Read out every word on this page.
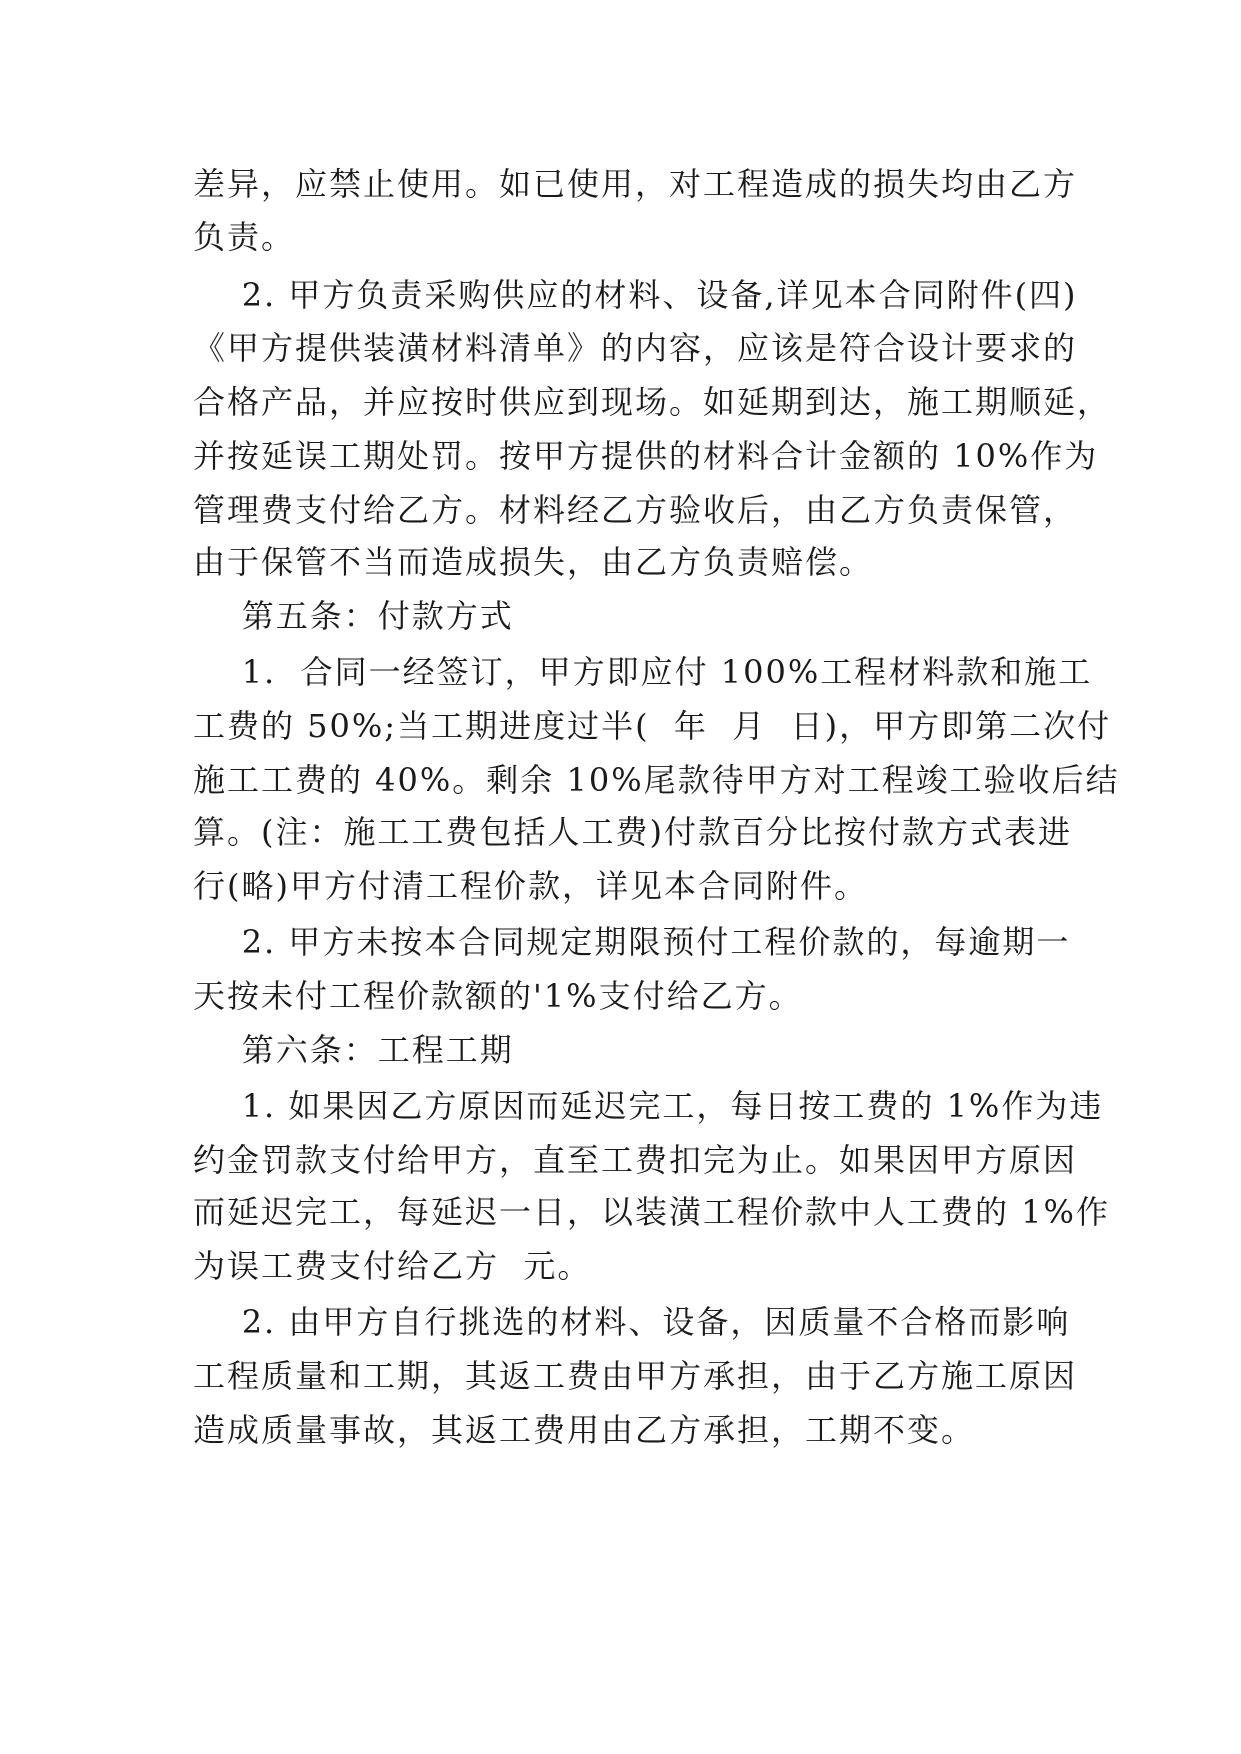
差异，应禁止使用。如已使用，对工程造成的损失均由乙方
负责。
2. 甲方负责采购供应的材料、设备,详见本合同附件(四)
《甲方提供装潢材料清单》的内容，应该是符合设计要求的
合格产品，并应按时供应到现场。如延期到达，施工期顺延，
并按延误工期处罚。按甲方提供的材料合计金额的 10%作为
管理费支付给乙方。材料经乙方验收后，由乙方负责保管，
由于保管不当而造成损失，由乙方负责赔偿。
第五条：付款方式
1.  合同一经签订，甲方即应付 100%工程材料款和施工
工费的 50%;当工期进度过半(  年  月  日)，甲方即第二次付
施工工费的 40%。剩余 10%尾款待甲方对工程竣工验收后结
算。(注：施工工费包括人工费)付款百分比按付款方式表进
行(略)甲方付清工程价款，详见本合同附件。
2. 甲方未按本合同规定期限预付工程价款的，每逾期一
天按未付工程价款额的'1%支付给乙方。
第六条：工程工期
1. 如果因乙方原因而延迟完工，每日按工费的 1%作为违
约金罚款支付给甲方，直至工费扣完为止。如果因甲方原因
而延迟完工，每延迟一日，以装潢工程价款中人工费的 1%作
为误工费支付给乙方  元。
2. 由甲方自行挑选的材料、设备，因质量不合格而影响
工程质量和工期，其返工费由甲方承担，由于乙方施工原因
造成质量事故，其返工费用由乙方承担，工期不变。
